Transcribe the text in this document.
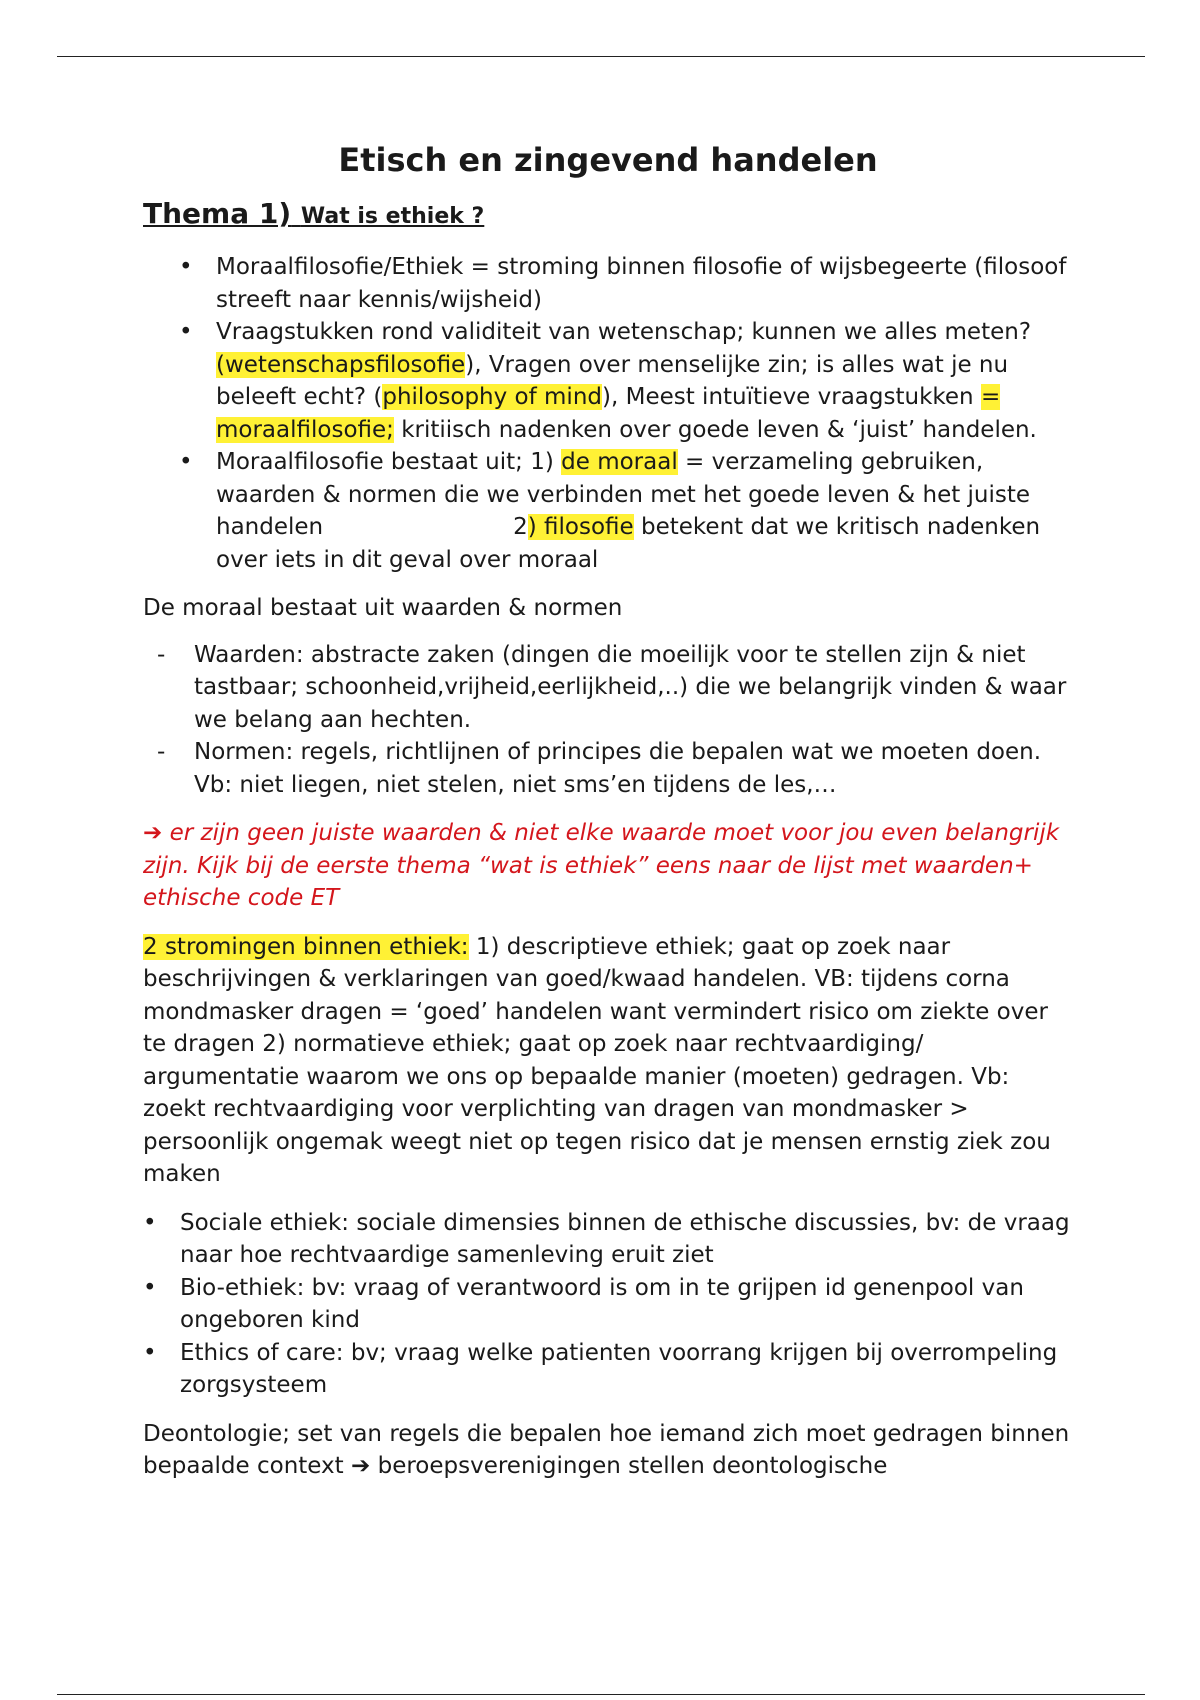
Etisch en zingevend handelen
Thema 1) Wat is ethiek ?
• Moraalfilosofie/Ethiek = stroming binnen filosofie of wijsbegeerte (filosoof streeft naar kennis/wijsheid)
• Vraagstukken rond validiteit van wetenschap; kunnen we alles meten? (wetenschapsfilosofie), Vragen over menselijke zin; is alles wat je nu beleeft echt? (philosophy of mind), Meest intuïtieve vraagstukken = moraalfilosofie; kritiisch nadenken over goede leven & ‘juist’ handelen.
• Moraalfilosofie bestaat uit; 1) de moraal = verzameling gebruiken, waarden & normen die we verbinden met het goede leven & het juiste handelen	2) filosofie betekent dat we kritisch nadenken over iets in dit geval over moraal

De moraal bestaat uit waarden & normen

- Waarden: abstracte zaken (dingen die moeilijk voor te stellen zijn & niet tastbaar; schoonheid,vrijheid,eerlijkheid,..) die we belangrijk vinden & waar we belang aan hechten.
- Normen: regels, richtlijnen of principes die bepalen wat we moeten doen. Vb: niet liegen, niet stelen, niet sms’en tijdens de les,…

➔ er zijn geen juiste waarden & niet elke waarde moet voor jou even belangrijk zijn. Kijk bij de eerste thema “wat is ethiek” eens naar de lijst met waarden+ ethische code ET

2 stromingen binnen ethiek: 1) descriptieve ethiek; gaat op zoek naar beschrijvingen & verklaringen van goed/kwaad handelen. VB: tijdens corna mondmasker dragen = ‘goed’ handelen want vermindert risico om ziekte over te dragen 2) normatieve ethiek; gaat op zoek naar rechtvaardiging/ argumentatie waarom we ons op bepaalde manier (moeten) gedragen. Vb: zoekt rechtvaardiging voor verplichting van dragen van mondmasker > persoonlijk ongemak weegt niet op tegen risico dat je mensen ernstig ziek zou maken

• Sociale ethiek: sociale dimensies binnen de ethische discussies, bv: de vraag naar hoe rechtvaardige samenleving eruit ziet
• Bio-ethiek: bv: vraag of verantwoord is om in te grijpen id genenpool van ongeboren kind
• Ethics of care: bv; vraag welke patienten voorrang krijgen bij overrompeling zorgsysteem

Deontologie; set van regels die bepalen hoe iemand zich moet gedragen binnen bepaalde context ➔ beroepsverenigingen stellen deontologische
